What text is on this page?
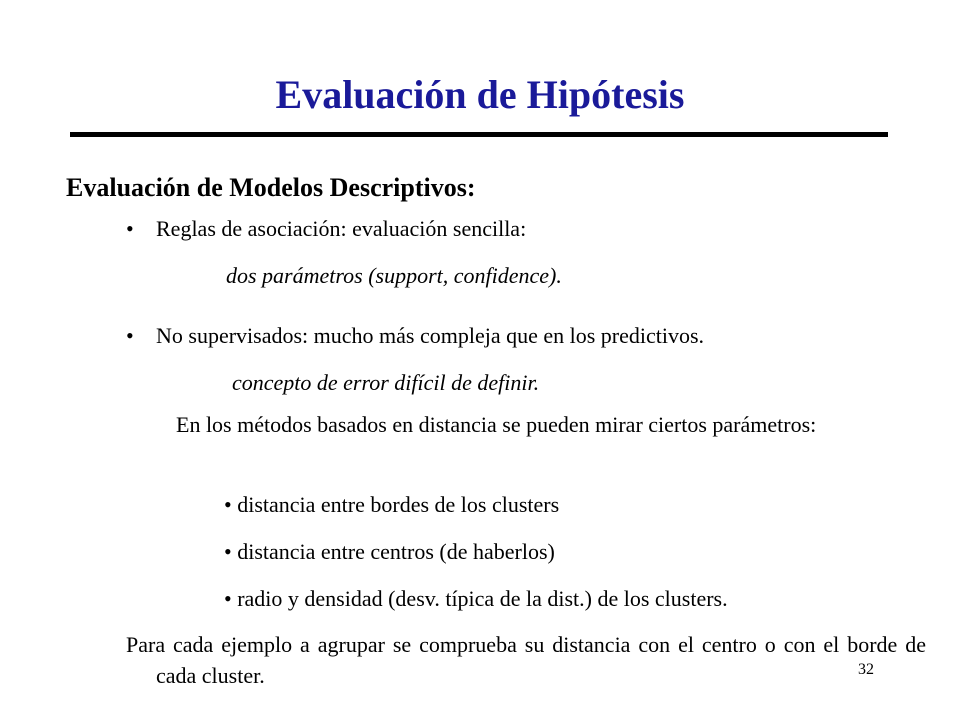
Evaluación de Hipótesis
Evaluación de Modelos Descriptivos:
• Reglas de asociación: evaluación sencilla:
dos parámetros (support, confidence).
• No supervisados: mucho más compleja que en los predictivos.
concepto de error difícil de definir.
En los métodos basados en distancia se pueden mirar ciertos parámetros:
• distancia entre bordes de los clusters
• distancia entre centros (de haberlos)
• radio y densidad (desv. típica de la dist.) de los clusters.
Para cada ejemplo a agrupar se comprueba su distancia con el centro o con el borde de cada cluster.	32
